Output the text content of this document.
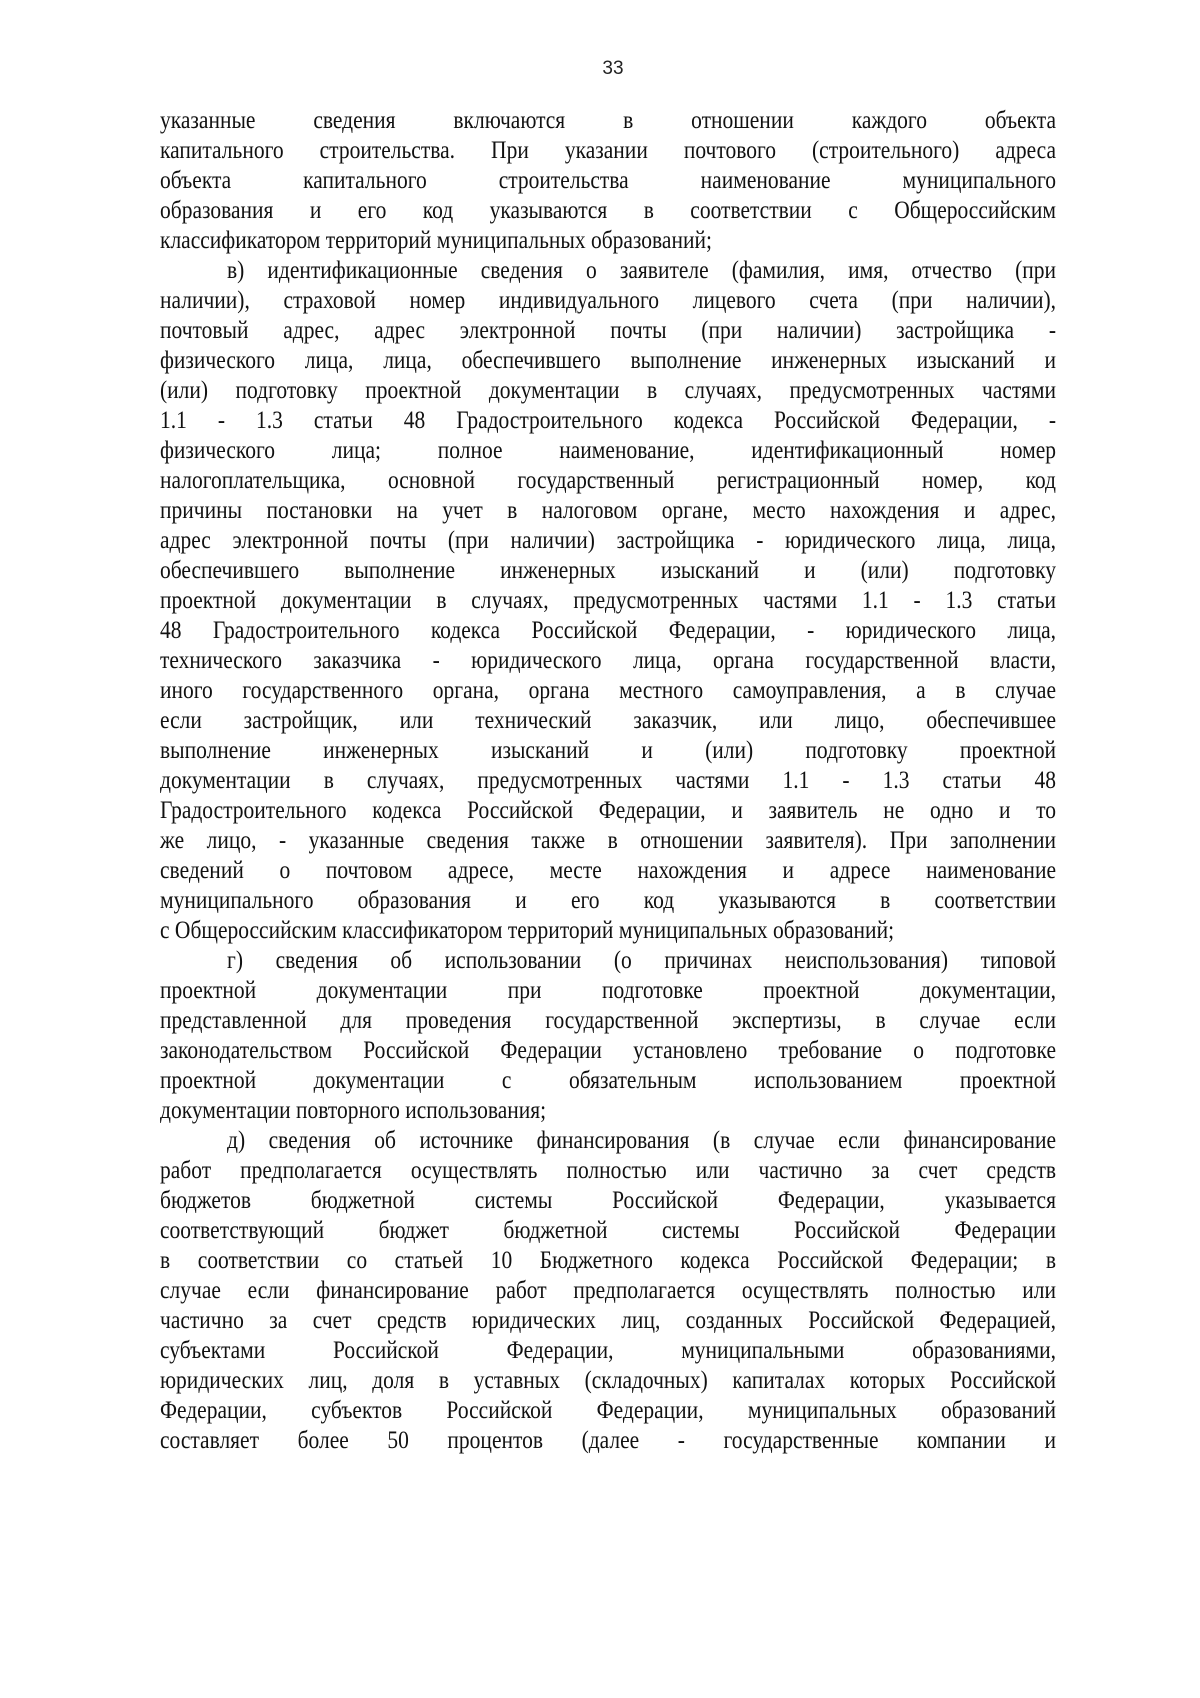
33
указанные сведения включаются в отношении каждого объекта
капитального строительства. При указании почтового (строительного) адреса
объекта капитального строительства наименование муниципального
образования и его код указываются в соответствии с Общероссийским
классификатором территорий муниципальных образований;
в) идентификационные сведения о заявителе (фамилия, имя, отчество (при
наличии), страховой номер индивидуального лицевого счета (при наличии),
почтовый адрес, адрес электронной почты (при наличии) застройщика -
физического лица, лица, обеспечившего выполнение инженерных изысканий и
(или) подготовку проектной документации в случаях, предусмотренных частями
1.1 - 1.3 статьи 48 Градостроительного кодекса Российской Федерации, -
физического лица; полное наименование, идентификационный номер
налогоплательщика, основной государственный регистрационный номер, код
причины постановки на учет в налоговом органе, место нахождения и адрес,
адрес электронной почты (при наличии) застройщика - юридического лица, лица,
обеспечившего выполнение инженерных изысканий и (или) подготовку
проектной документации в случаях, предусмотренных частями 1.1 - 1.3 статьи
48 Градостроительного кодекса Российской Федерации, - юридического лица,
технического заказчика - юридического лица, органа государственной власти,
иного государственного органа, органа местного самоуправления, а в случае
если застройщик, или технический заказчик, или лицо, обеспечившее
выполнение инженерных изысканий и (или) подготовку проектной
документации в случаях, предусмотренных частями 1.1 - 1.3 статьи 48
Градостроительного кодекса Российской Федерации, и заявитель не одно и то
же лицо, - указанные сведения также в отношении заявителя). При заполнении
сведений о почтовом адресе, месте нахождения и адресе наименование
муниципального образования и его код указываются в соответствии
с Общероссийским классификатором территорий муниципальных образований;
г) сведения об использовании (о причинах неиспользования) типовой
проектной документации при подготовке проектной документации,
представленной для проведения государственной экспертизы, в случае если
законодательством Российской Федерации установлено требование о подготовке
проектной документации с обязательным использованием проектной
документации повторного использования;
д) сведения об источнике финансирования (в случае если финансирование
работ предполагается осуществлять полностью или частично за счет средств
бюджетов бюджетной системы Российской Федерации, указывается
соответствующий бюджет бюджетной системы Российской Федерации
в соответствии со статьей 10 Бюджетного кодекса Российской Федерации; в
случае если финансирование работ предполагается осуществлять полностью или
частично за счет средств юридических лиц, созданных Российской Федерацией,
субъектами Российской Федерации, муниципальными образованиями,
юридических лиц, доля в уставных (складочных) капиталах которых Российской
Федерации, субъектов Российской Федерации, муниципальных образований
составляет более 50 процентов (далее - государственные компании и
